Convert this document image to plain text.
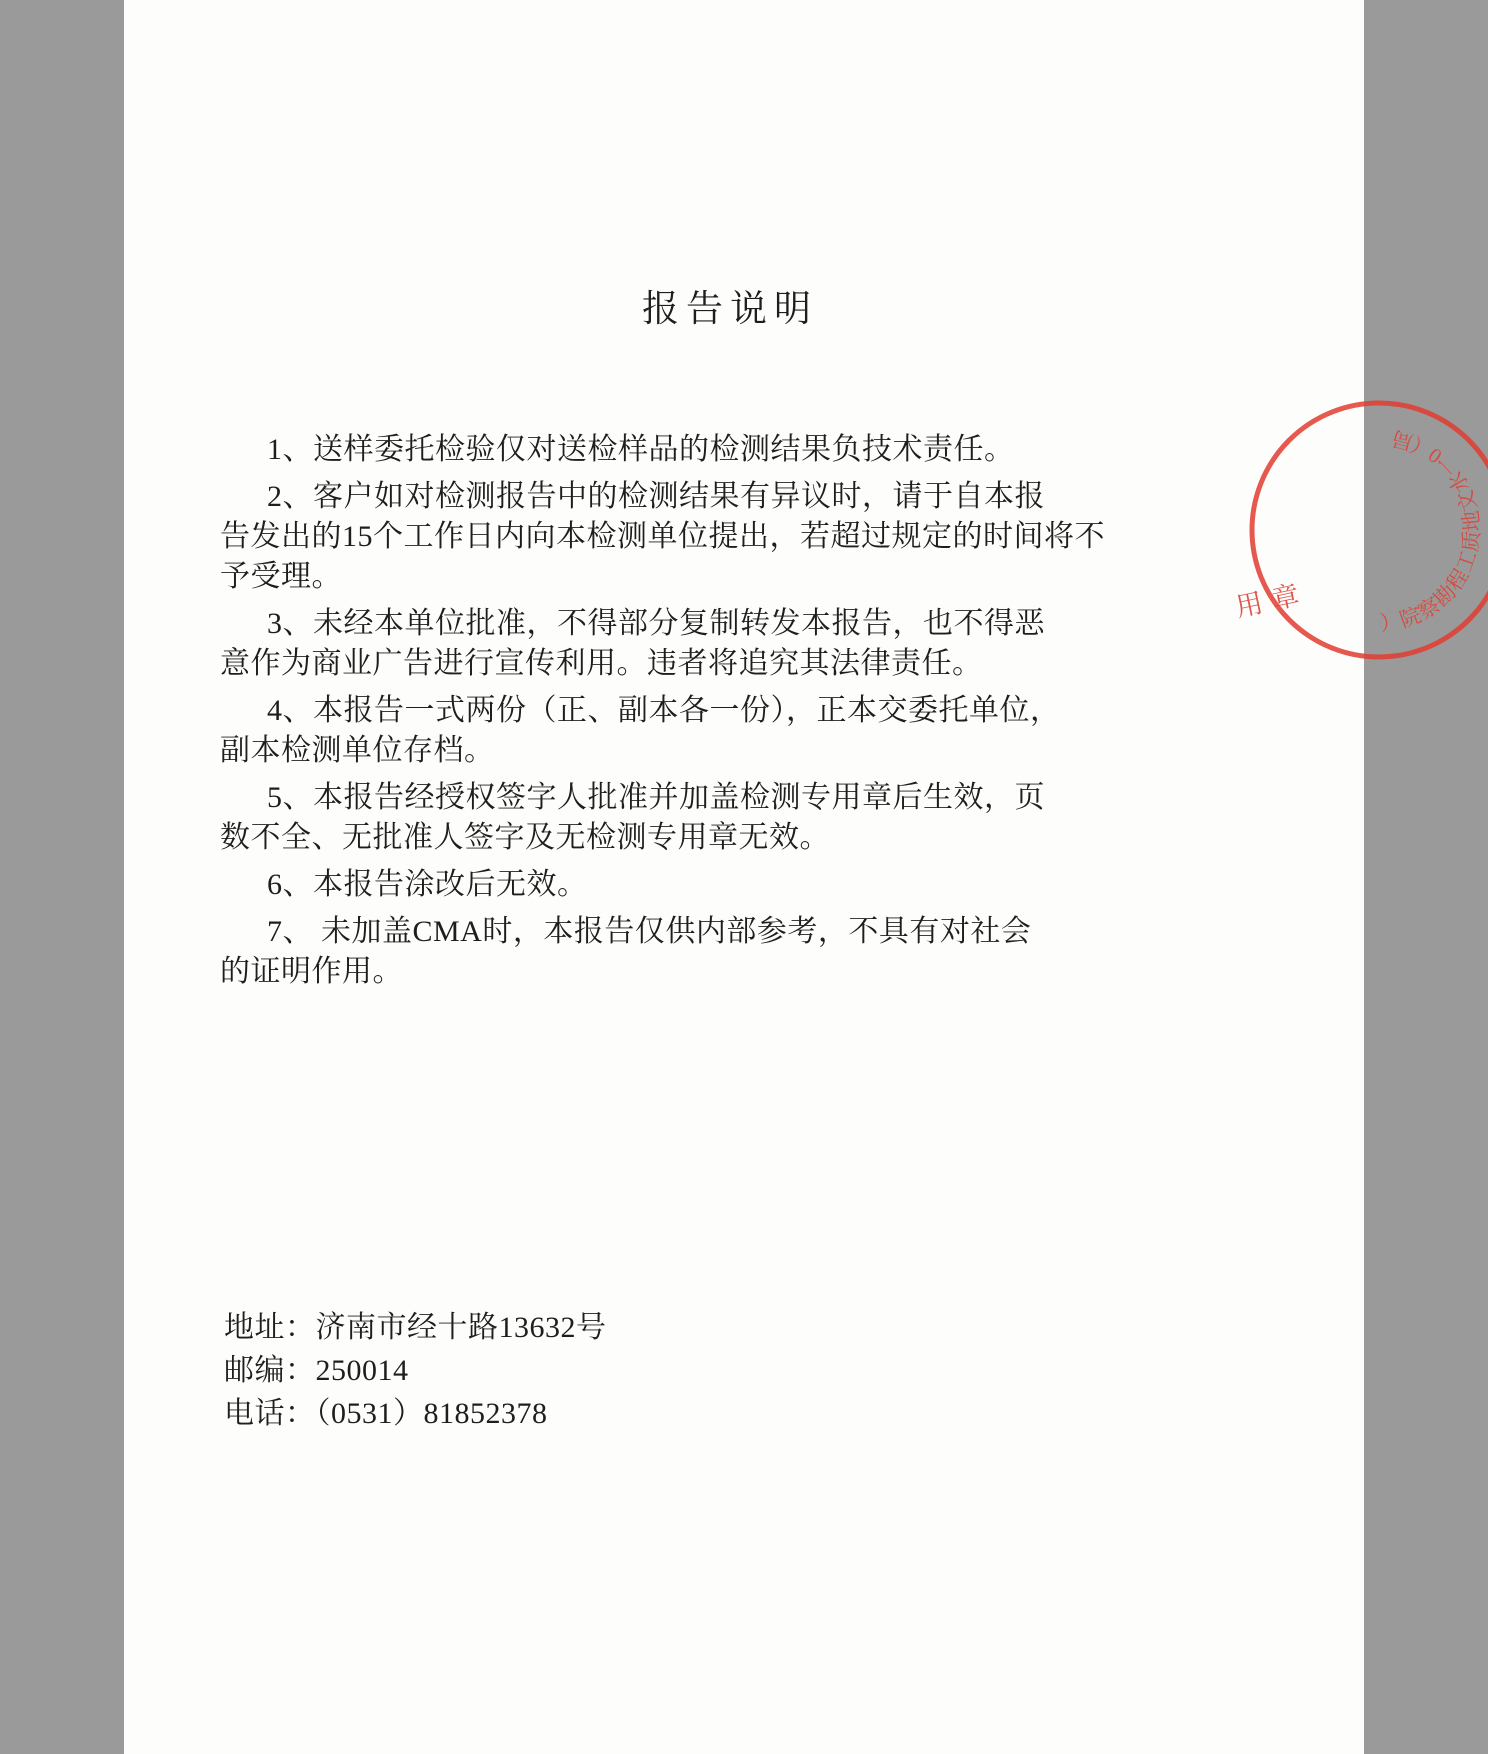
报告说明
1、送样委托检验仅对送检样品的检测结果负技术责任。
2、客户如对检测报告中的检测结果有异议时，请于自本报
告发出的15个工作日内向本检测单位提出，若超过规定的时间将不
予受理。
3、未经本单位批准，不得部分复制转发本报告，也不得恶
意作为商业广告进行宣传利用。违者将追究其法律责任。
4、本报告一式两份（正、副本各一份），正本交委托单位，
副本检测单位存档。
5、本报告经授权签字人批准并加盖检测专用章后生效，页
数不全、无批准人签字及无检测专用章无效。
6、本报告涂改后无效。
7、 未加盖CMA时，本报告仅供内部参考，不具有对社会
的证明作用。
地址：济南市经十路13632号
邮编：250014
电话：（0531）81852378
）院察勘程工质地文水一0（局
用章
